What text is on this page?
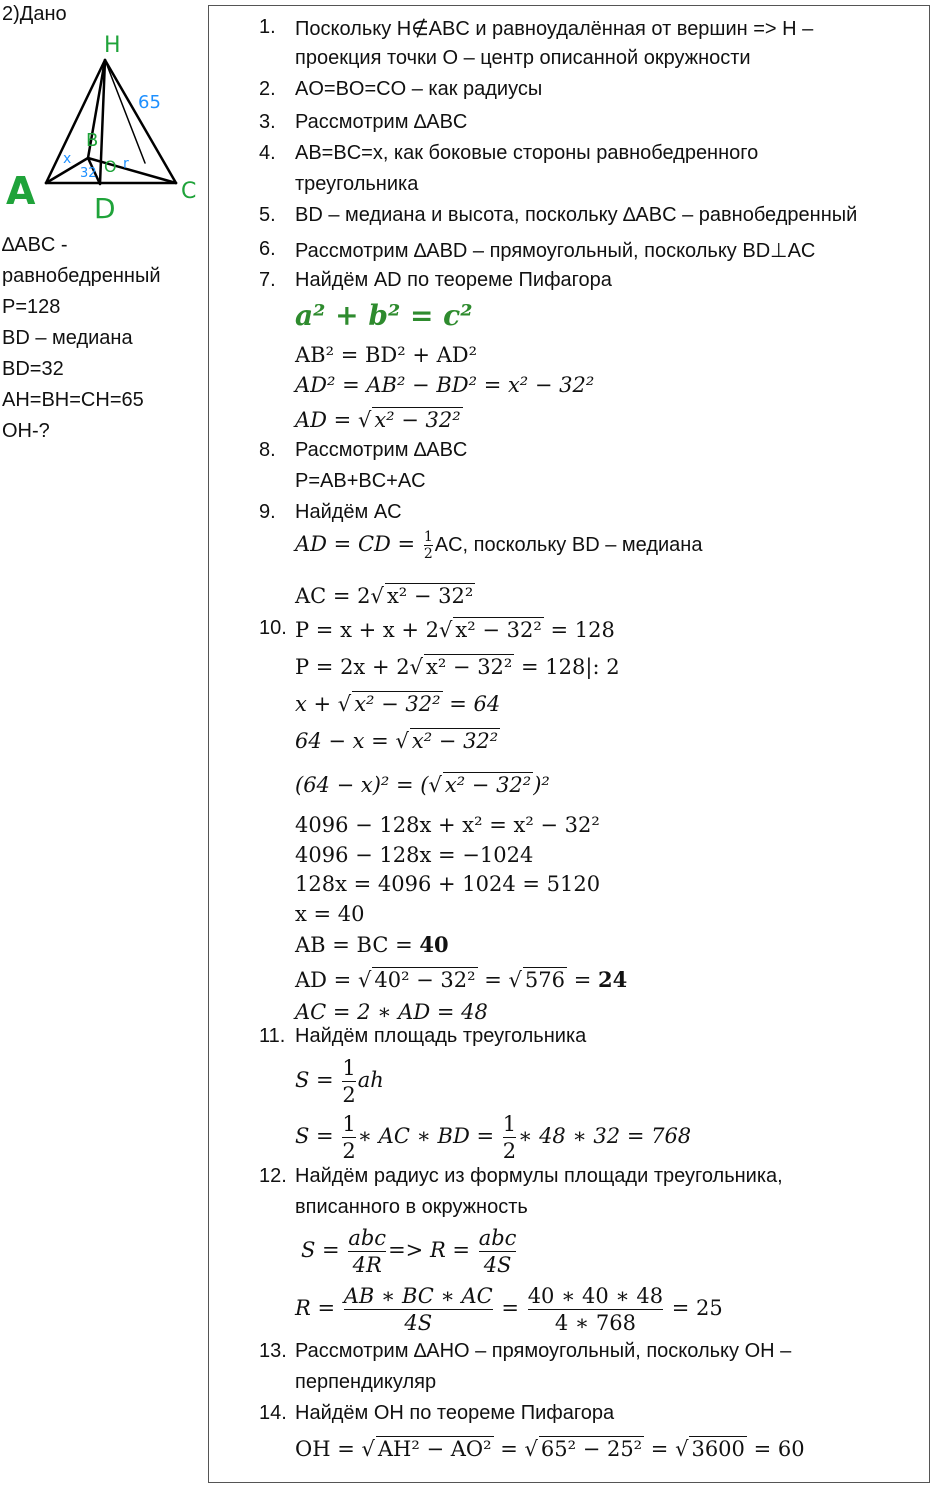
2)Дано
H
A	C
D
B
O
65
x
32
r
∆ABC -
равнобедренный
P=128
BD – медиана
BD=32
AH=BH=CH=65
OH-?
1. Поскольку H∉ABC и равноудалённая от вершин => H –
проекция точки O – центр описанной окружности
2. AO=BO=CO – как радиусы
3. Рассмотрим ∆ABC
4. AB=BC=x, как боковые стороны равнобедренного
треугольника
5. BD – медиана и высота, поскольку ∆ABC – равнобедренный
6. Рассмотрим ∆ABD – прямоугольный, поскольку BD⊥AC
7. Найдём AD по теореме Пифагора
a² + b² = c²
AB² = BD² + AD²
AD² = AB² − BD² = x² − 32²
AD = √ x² − 32²
8. Рассмотрим ∆ABC
P=AB+BC+AC
9. Найдём AC
AD = CD = $\frac{1}{2}$ AC, поскольку BD – медиана
AC = 2√ x² − 32²
10. P = x + x + 2√ x² − 32² = 128
P = 2x + 2√ x² − 32² = 128|: 2
x + √ x² − 32² = 64
64 − x = √ x² − 32²
(64 − x)² = (√ x² − 32²)²
4096 − 128x + x² = x² − 32²
4096 − 128x = −1024
128x = 4096 + 1024 = 5120
x = 40
AB = BC = 40
AD = √ 40² − 32² = √ 576 = 24
AC = 2 ∗ AD = 48
11. Найдём площадь треугольника
$S = \frac{1}{2}$ ah
$S = \frac{1}{2}$ ∗ AC ∗ BD = $\frac{1}{2}$ ∗ 48 ∗ 32 = 768
12. Найдём радиус из формулы площади треугольника,
вписанного в окружность
$S = \frac{\text{abc}}{4R} => R = \frac{\text{abc}}{4S}$
$R = \frac{AB ∗ BC ∗ AC}{4S} = \frac{40 ∗ 40 ∗ 48}{4 ∗ 768} = 25$
13. Рассмотрим ∆AHO – прямоугольный, поскольку OH –
перпендикуляр
14. Найдём OH по теореме Пифагора
OH = √ AH² − AO² = √ 65² − 25² = √ 3600 = 60
